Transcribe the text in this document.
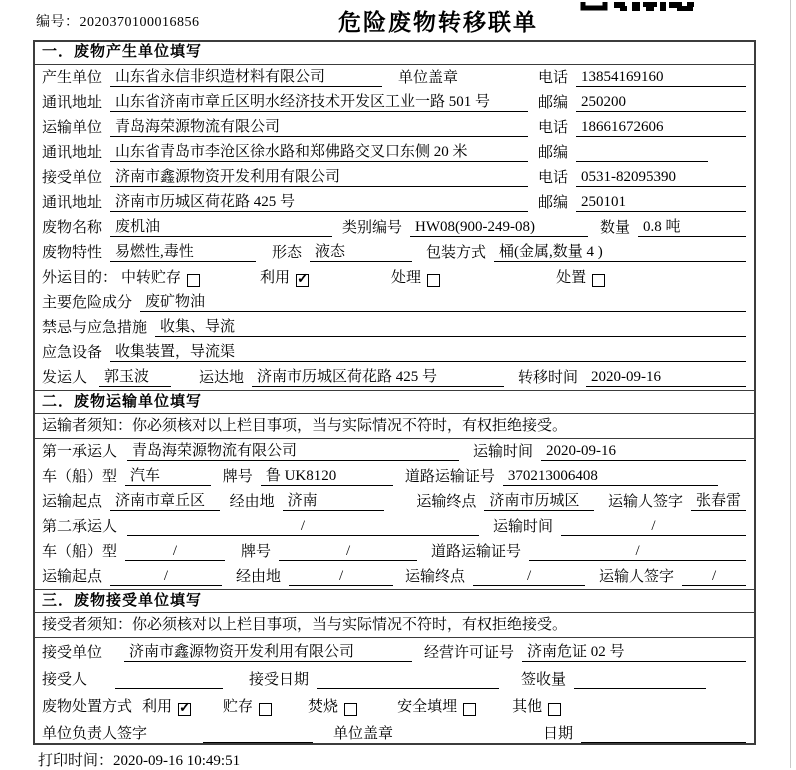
编号：2020370100016856	危险废物转移联单
一．废物产生单位填写
产生单位 山东省永信非织造材料有限公司	单位盖章	电话 13854169160
通讯地址 山东省济南市章丘区明水经济技术开发区工业一路 501 号	邮编 250200
运输单位 青岛海荣源物流有限公司	电话 18661672606
通讯地址 山东省青岛市李沧区徐水路和郑佛路交叉口东侧 20 米	邮编
接受单位 济南市鑫源物资开发利用有限公司	电话 0531-82095390
通讯地址 济南市历城区荷花路 425 号	邮编 250101
废物名称 废机油	类别编号 HW08(900-249-08)	数量 0.8 吨
废物特性 易燃性,毒性	形态 液态	包装方式 桶(金属,数量 4 )
外运目的： 中转贮存	利用 ✓	处理	处置
主要危险成分 废矿物油
禁忌与应急措施 收集、导流
应急设备 收集装置，导流渠
发运人	郭玉波	运达地 济南市历城区荷花路 425 号	转移时间 2020-09-16
二．废物运输单位填写
运输者须知：你必须核对以上栏目事项，当与实际情况不符时，有权拒绝接受。
第一承运人	青岛海荣源物流有限公司	运输时间 2020-09-16
车（船）型 汽车	牌号 鲁 UK8120	道路运输证号 370213006408
运输起点 济南市章丘区	经由地 济南	运输终点 济南市历城区	运输人签字 张春雷
第二承运人	/	运输时间	/
车（船）型	/	牌号	/	道路运输证号	/
运输起点	/	经由地	/	运输终点	/	运输人签字	/
三．废物接受单位填写
接受者须知：你必须核对以上栏目事项，当与实际情况不符时，有权拒绝接受。
接受单位	济南市鑫源物资开发利用有限公司	经营许可证号 济南危证 02 号
接受人	接受日期	签收量
废物处置方式 利用 ✓	贮存	焚烧	安全填埋	其他
单位负责人签字	单位盖章	日期
打印时间：2020-09-16 10:49:51
